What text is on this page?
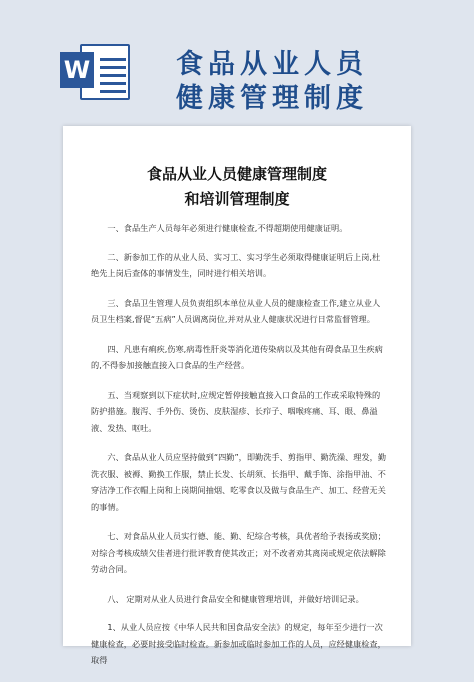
W	食品从业人员
健康管理制度

食品从业人员健康管理制度

和培训管理制度

一、食品生产人员每年必须进行健康检查,不得超期使用健康证明。

二、新参加工作的从业人员、实习工、实习学生必须取得健康证明后上岗,杜绝先上岗后查体的事情发生，同时进行相关培训。

三、食品卫生管理人员负责组织本单位从业人员的健康检查工作,建立从业人员卫生档案,督促“五病”人员调离岗位,并对从业人健康状况进行日常监督管理。

四、凡患有痢疾,伤寒,病毒性肝炎等消化道传染病以及其他有碍食品卫生疾病的,不得参加接触直接入口食品的生产经营。

五、当观察到以下症状时,应规定暂停接触直接入口食品的工作或采取特殊的防护措施。腹泻、手外伤、烫伤、皮肤湿疹、长疖子、咽喉疼痛、耳、眼、鼻溢液、发热、呕吐。

六、食品从业人员应坚持做到“四勤”，即勤洗手、剪指甲、勤洗澡、理发，勤洗衣服、被褥、勤换工作服，禁止长发、长胡须、长指甲、戴手饰、涂指甲油、不穿洁净工作衣帽上岗和上岗期间抽烟、吃零食以及做与食品生产、加工、经营无关的事情。

七、对食品从业人员实行德、能、勤、纪综合考核，具优者给予表扬或奖励；对综合考核成绩欠佳者进行批评教育使其改正；对不改者劝其离岗或规定依法解除劳动合同。

八、 定期对从业人员进行食品安全和健康管理培训，并做好培训记录。

1、从业人员应按《中华人民共和国食品安全法》的规定，每年至少进行一次健康检查，必要时接受临时检查。新参加或临时参加工作的人员，应经健康检查，取得
